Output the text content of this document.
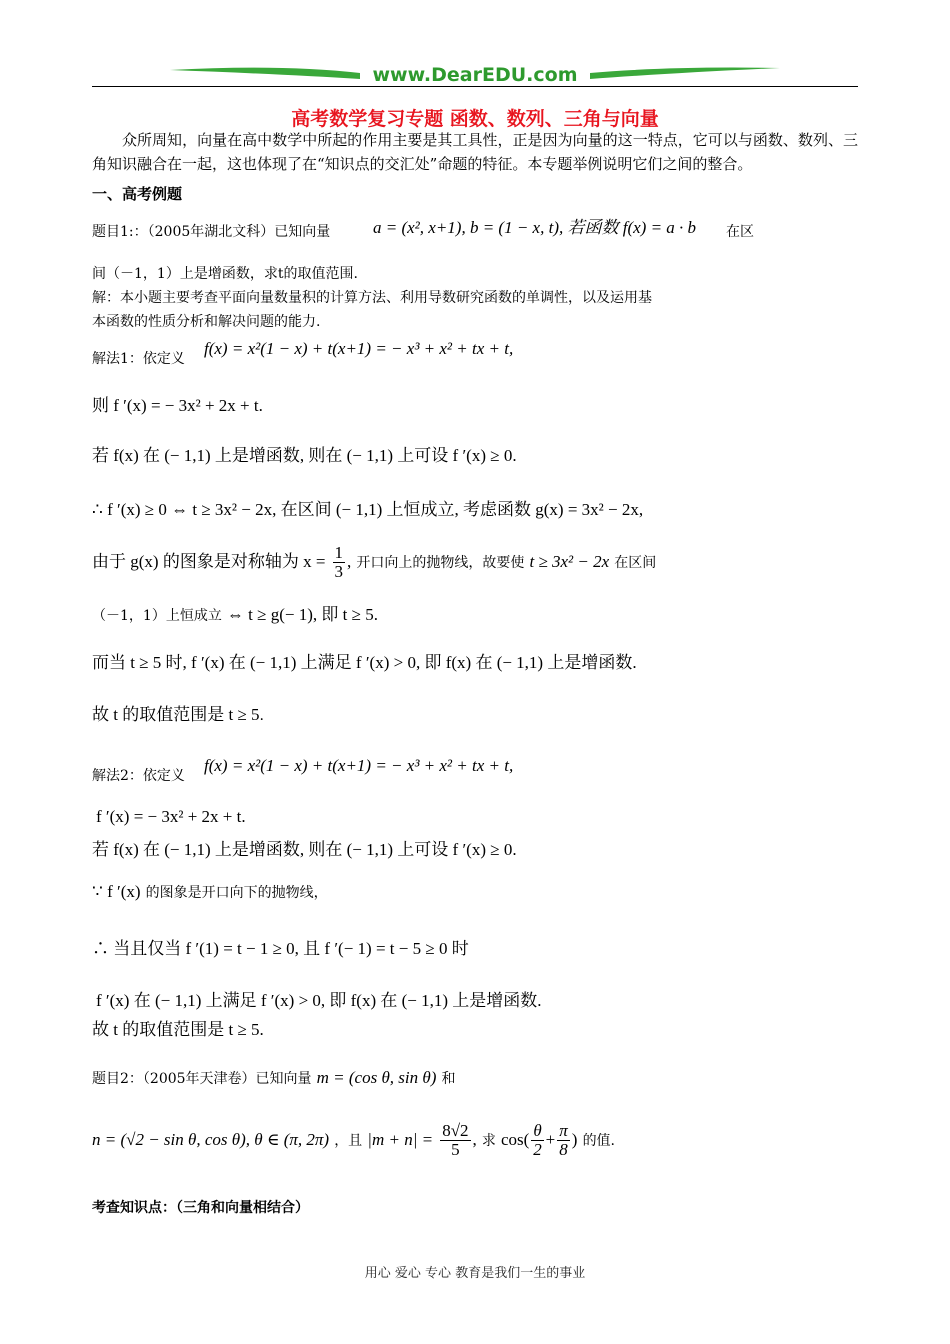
www.DearEDU.com
高考数学复习专题 函数、数列、三角与向量
众所周知，向量在高中数学中所起的作用主要是其工具性，正是因为向量的这一特点，它可以与函数、数列、三角知识融合在一起，这也体现了在“知识点的交汇处”命题的特征。本专题举例说明它们之间的整合。
一、高考例题
题目1:：（2005年湖北文科）已知向量	a = (x², x+1), b = (1 − x, t), 若函数 f(x) = a · b 在区
间（－1，1）上是增函数，求t的取值范围.
解：本小题主要考查平面向量数量积的计算方法、利用导数研究函数的单调性，以及运用基
本函数的性质分析和解决问题的能力.
解法1：依定义
f(x) = x²(1 − x) + t(x+1) = − x³ + x² + tx + t,
则 f ′(x) = − 3x² + 2x + t.
若 f(x) 在 (− 1,1) 上是增函数, 则在 (− 1,1) 上可设 f ′(x) ≥ 0.
∴ f ′(x) ≥ 0 ⇔ t ≥ 3x² − 2x, 在区间 (− 1,1) 上恒成立, 考虑函数 g(x) = 3x² − 2x,
由于 g(x) 的图象是对称轴为 $x = \frac{1}{3}$ , 开口向上的抛物线，故要使 t ≥ 3x² − 2x 在区间
（－1，1）上恒成立 ⇔ t ≥ g(− 1), 即 t ≥ 5.
而当 t ≥ 5 时, f ′(x) 在 (− 1,1) 上满足 f ′(x) > 0, 即 f(x) 在 (− 1,1) 上是增函数.
故 t 的取值范围是 t ≥ 5.
解法2：依定义
f(x) = x²(1 − x) + t(x+1) = − x³ + x² + tx + t,
f ′(x) = − 3x² + 2x + t.
若 f(x) 在 (− 1,1) 上是增函数, 则在 (− 1,1) 上可设 f ′(x) ≥ 0.
∵ f ′(x) 的图象是开口向下的抛物线，
∴ 当且仅当 f ′(1) = t − 1 ≥ 0, 且 f ′(− 1) = t − 5 ≥ 0 时
f ′(x) 在 (− 1,1) 上满足 f ′(x) > 0, 即 f(x) 在 (− 1,1) 上是增函数.
故 t 的取值范围是 t ≥ 5.
题目2：（2005年天津卷）已知向量 m = (cos θ, sin θ) 和
n = (√2 − sin θ, cos θ), θ ∈ (π, 2π) ，且 $|m + n| = \frac{8√2}{5}$ , 求 $\cos( \frac{\theta}{2} + \frac{\pi}{8}$ ) 的值.
考查知识点：（三角和向量相结合）
用心 爱心 专心 教育是我们一生的事业
